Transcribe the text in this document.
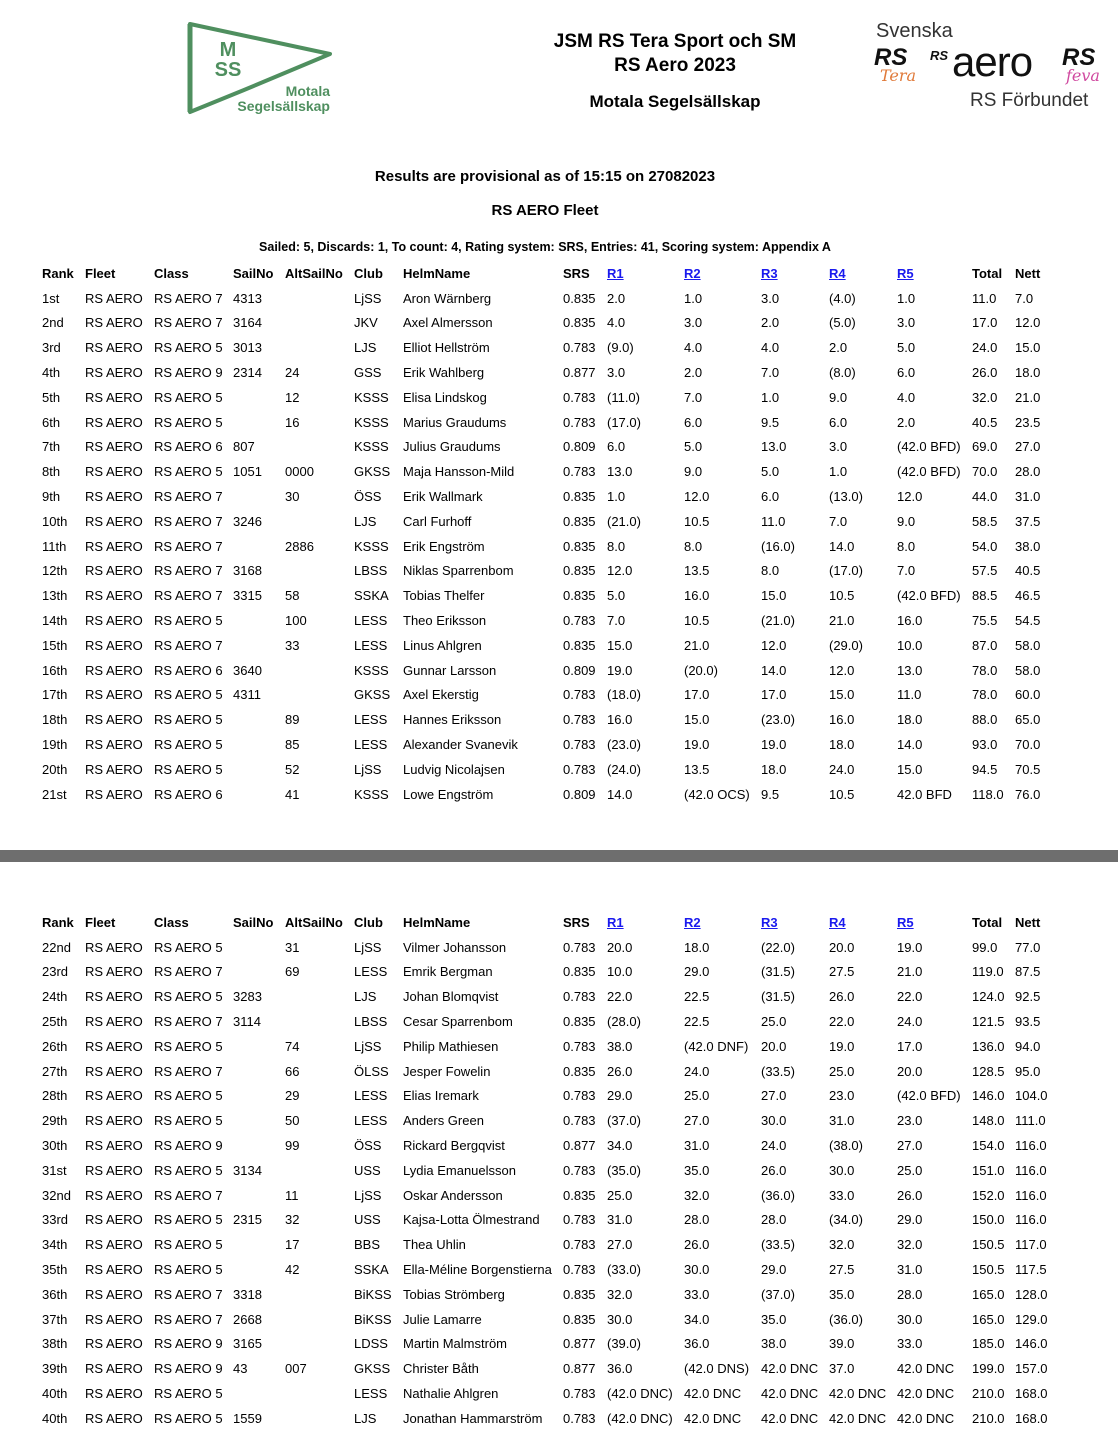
M
SS
Motala
Segelsällskap
JSM RS Tera Sport och SM
RS Aero 2023
Motala Segelsällskap
Svenska
RS
Tera
RS aero RS
feva
RS Förbundet
Results are provisional as of 15:15 on 27082023
RS AERO Fleet
Sailed: 5, Discards: 1, To count: 4, Rating system: SRS, Entries: 41, Scoring system: Appendix A
Rank	Fleet	Class	SailNo	AltSailNo	Club	HelmName	SRS	R1	R2	R3	R4	R5	Total	Nett
1st	RS AERO	RS AERO 7	4313		LjSS	Aron Wärnberg	0.835	2.0	1.0	3.0	(4.0)	1.0	11.0	7.0
2nd	RS AERO	RS AERO 7	3164		JKV	Axel Almersson	0.835	4.0	3.0	2.0	(5.0)	3.0	17.0	12.0
3rd	RS AERO	RS AERO 5	3013		LJS	Elliot Hellström	0.783	(9.0)	4.0	4.0	2.0	5.0	24.0	15.0
4th	RS AERO	RS AERO 9	2314	24	GSS	Erik Wahlberg	0.877	3.0	2.0	7.0	(8.0)	6.0	26.0	18.0
5th	RS AERO	RS AERO 5		12	KSSS	Elisa Lindskog	0.783	(11.0)	7.0	1.0	9.0	4.0	32.0	21.0
6th	RS AERO	RS AERO 5		16	KSSS	Marius Graudums	0.783	(17.0)	6.0	9.5	6.0	2.0	40.5	23.5
7th	RS AERO	RS AERO 6	807		KSSS	Julius Graudums	0.809	6.0	5.0	13.0	3.0	(42.0 BFD)	69.0	27.0
8th	RS AERO	RS AERO 5	1051	0000	GKSS	Maja Hansson-Mild	0.783	13.0	9.0	5.0	1.0	(42.0 BFD)	70.0	28.0
9th	RS AERO	RS AERO 7		30	ÖSS	Erik Wallmark	0.835	1.0	12.0	6.0	(13.0)	12.0	44.0	31.0
10th	RS AERO	RS AERO 7	3246		LJS	Carl Furhoff	0.835	(21.0)	10.5	11.0	7.0	9.0	58.5	37.5
11th	RS AERO	RS AERO 7		2886	KSSS	Erik Engström	0.835	8.0	8.0	(16.0)	14.0	8.0	54.0	38.0
12th	RS AERO	RS AERO 7	3168		LBSS	Niklas Sparrenbom	0.835	12.0	13.5	8.0	(17.0)	7.0	57.5	40.5
13th	RS AERO	RS AERO 7	3315	58	SSKA	Tobias Thelfer	0.835	5.0	16.0	15.0	10.5	(42.0 BFD)	88.5	46.5
14th	RS AERO	RS AERO 5		100	LESS	Theo Eriksson	0.783	7.0	10.5	(21.0)	21.0	16.0	75.5	54.5
15th	RS AERO	RS AERO 7		33	LESS	Linus Ahlgren	0.835	15.0	21.0	12.0	(29.0)	10.0	87.0	58.0
16th	RS AERO	RS AERO 6	3640		KSSS	Gunnar Larsson	0.809	19.0	(20.0)	14.0	12.0	13.0	78.0	58.0
17th	RS AERO	RS AERO 5	4311		GKSS	Axel Ekerstig	0.783	(18.0)	17.0	17.0	15.0	11.0	78.0	60.0
18th	RS AERO	RS AERO 5		89	LESS	Hannes Eriksson	0.783	16.0	15.0	(23.0)	16.0	18.0	88.0	65.0
19th	RS AERO	RS AERO 5		85	LESS	Alexander Svanevik	0.783	(23.0)	19.0	19.0	18.0	14.0	93.0	70.0
20th	RS AERO	RS AERO 5		52	LjSS	Ludvig Nicolajsen	0.783	(24.0)	13.5	18.0	24.0	15.0	94.5	70.5
21st	RS AERO	RS AERO 6		41	KSSS	Lowe Engström	0.809	14.0	(42.0 OCS)	9.5	10.5	42.0 BFD	118.0	76.0
Rank	Fleet	Class	SailNo	AltSailNo	Club	HelmName	SRS	R1	R2	R3	R4	R5	Total	Nett
22nd	RS AERO	RS AERO 5		31	LjSS	Vilmer Johansson	0.783	20.0	18.0	(22.0)	20.0	19.0	99.0	77.0
23rd	RS AERO	RS AERO 7		69	LESS	Emrik Bergman	0.835	10.0	29.0	(31.5)	27.5	21.0	119.0	87.5
24th	RS AERO	RS AERO 5	3283		LJS	Johan Blomqvist	0.783	22.0	22.5	(31.5)	26.0	22.0	124.0	92.5
25th	RS AERO	RS AERO 7	3114		LBSS	Cesar Sparrenbom	0.835	(28.0)	22.5	25.0	22.0	24.0	121.5	93.5
26th	RS AERO	RS AERO 5		74	LjSS	Philip Mathiesen	0.783	38.0	(42.0 DNF)	20.0	19.0	17.0	136.0	94.0
27th	RS AERO	RS AERO 7		66	ÖLSS	Jesper Fowelin	0.835	26.0	24.0	(33.5)	25.0	20.0	128.5	95.0
28th	RS AERO	RS AERO 5		29	LESS	Elias Iremark	0.783	29.0	25.0	27.0	23.0	(42.0 BFD)	146.0	104.0
29th	RS AERO	RS AERO 5		50	LESS	Anders Green	0.783	(37.0)	27.0	30.0	31.0	23.0	148.0	111.0
30th	RS AERO	RS AERO 9		99	ÖSS	Rickard Bergqvist	0.877	34.0	31.0	24.0	(38.0)	27.0	154.0	116.0
31st	RS AERO	RS AERO 5	3134		USS	Lydia Emanuelsson	0.783	(35.0)	35.0	26.0	30.0	25.0	151.0	116.0
32nd	RS AERO	RS AERO 7		11	LjSS	Oskar Andersson	0.835	25.0	32.0	(36.0)	33.0	26.0	152.0	116.0
33rd	RS AERO	RS AERO 5	2315	32	USS	Kajsa-Lotta Ölmestrand	0.783	31.0	28.0	28.0	(34.0)	29.0	150.0	116.0
34th	RS AERO	RS AERO 5		17	BBS	Thea Uhlin	0.783	27.0	26.0	(33.5)	32.0	32.0	150.5	117.0
35th	RS AERO	RS AERO 5		42	SSKA	Ella-Méline Borgenstierna	0.783	(33.0)	30.0	29.0	27.5	31.0	150.5	117.5
36th	RS AERO	RS AERO 7	3318		BiKSS	Tobias Strömberg	0.835	32.0	33.0	(37.0)	35.0	28.0	165.0	128.0
37th	RS AERO	RS AERO 7	2668		BiKSS	Julie Lamarre	0.835	30.0	34.0	35.0	(36.0)	30.0	165.0	129.0
38th	RS AERO	RS AERO 9	3165		LDSS	Martin Malmström	0.877	(39.0)	36.0	38.0	39.0	33.0	185.0	146.0
39th	RS AERO	RS AERO 9	43	007	GKSS	Christer Båth	0.877	36.0	(42.0 DNS)	42.0 DNC	37.0	42.0 DNC	199.0	157.0
40th	RS AERO	RS AERO 5			LESS	Nathalie Ahlgren	0.783	(42.0 DNC)	42.0 DNC	42.0 DNC	42.0 DNC	42.0 DNC	210.0	168.0
40th	RS AERO	RS AERO 5	1559		LJS	Jonathan Hammarström	0.783	(42.0 DNC)	42.0 DNC	42.0 DNC	42.0 DNC	42.0 DNC	210.0	168.0
